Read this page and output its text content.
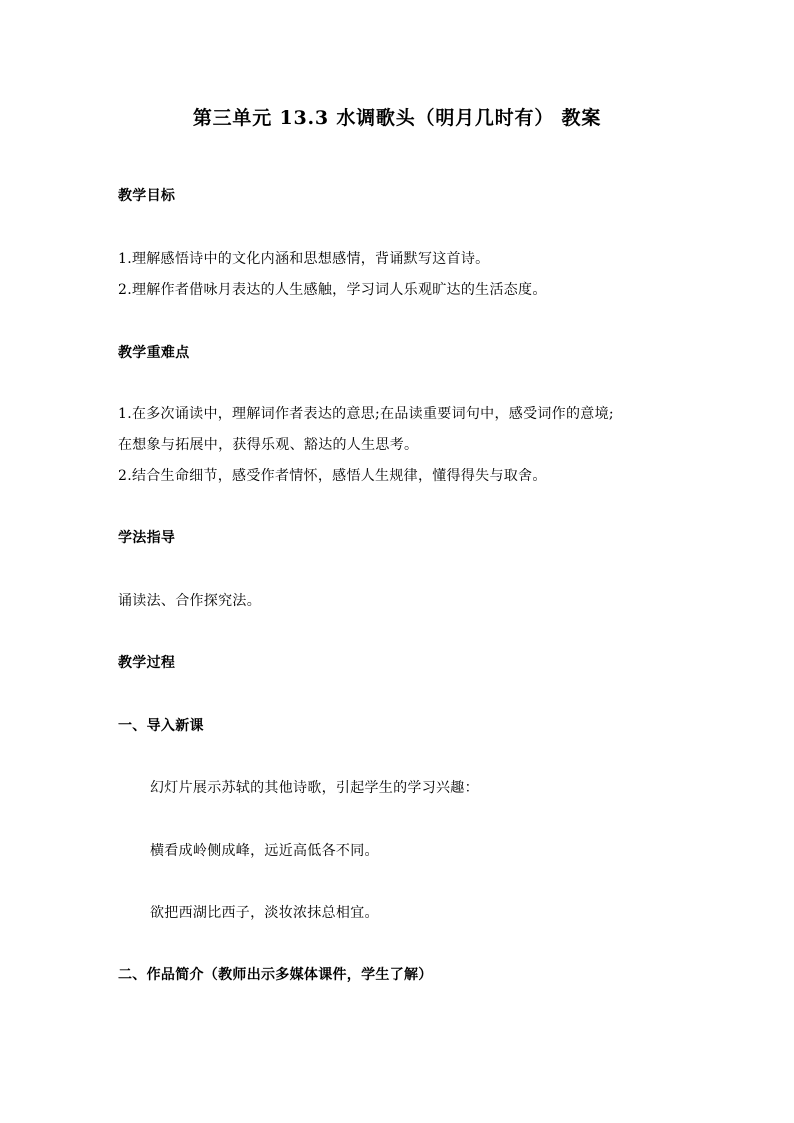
第三单元 13.3 水调歌头（明月几时有） 教案
教学目标
1.理解感悟诗中的文化内涵和思想感情，背诵默写这首诗。
2.理解作者借咏月表达的人生感触，学习词人乐观旷达的生活态度。
教学重难点
1.在多次诵读中，理解词作者表达的意思;在品读重要词句中，感受词作的意境;
在想象与拓展中，获得乐观、豁达的人生思考。
2.结合生命细节，感受作者情怀，感悟人生规律，懂得得失与取舍。
学法指导
诵读法、合作探究法。
教学过程
一、导入新课
幻灯片展示苏轼的其他诗歌，引起学生的学习兴趣：
横看成岭侧成峰，远近高低各不同。
欲把西湖比西子，淡妆浓抹总相宜。
二、作品简介（教师出示多媒体课件，学生了解）
